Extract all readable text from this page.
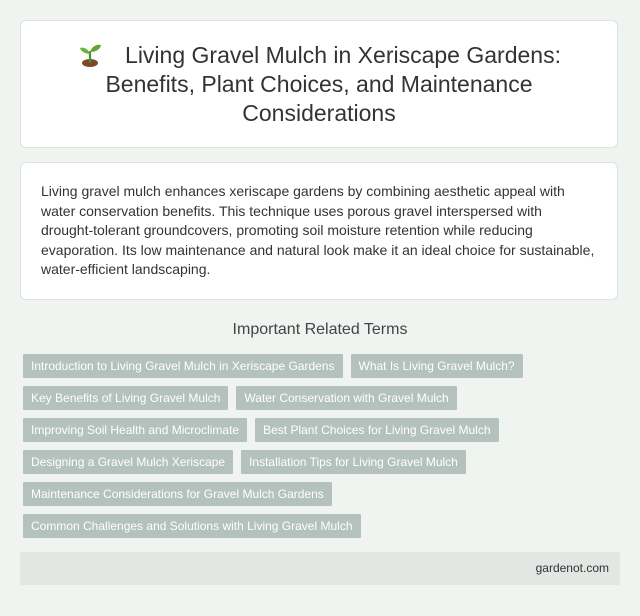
Living Gravel Mulch in Xeriscape Gardens: Benefits, Plant Choices, and Maintenance Considerations

Living gravel mulch enhances xeriscape gardens by combining aesthetic appeal with water conservation benefits. This technique uses porous gravel interspersed with drought-tolerant groundcovers, promoting soil moisture retention while reducing evaporation. Its low maintenance and natural look make it an ideal choice for sustainable, water-efficient landscaping.

Important Related Terms
Introduction to Living Gravel Mulch in Xeriscape Gardens	What Is Living Gravel Mulch?
Key Benefits of Living Gravel Mulch	Water Conservation with Gravel Mulch
Improving Soil Health and Microclimate	Best Plant Choices for Living Gravel Mulch
Designing a Gravel Mulch Xeriscape	Installation Tips for Living Gravel Mulch
Maintenance Considerations for Gravel Mulch Gardens
Common Challenges and Solutions with Living Gravel Mulch
gardenot.com
